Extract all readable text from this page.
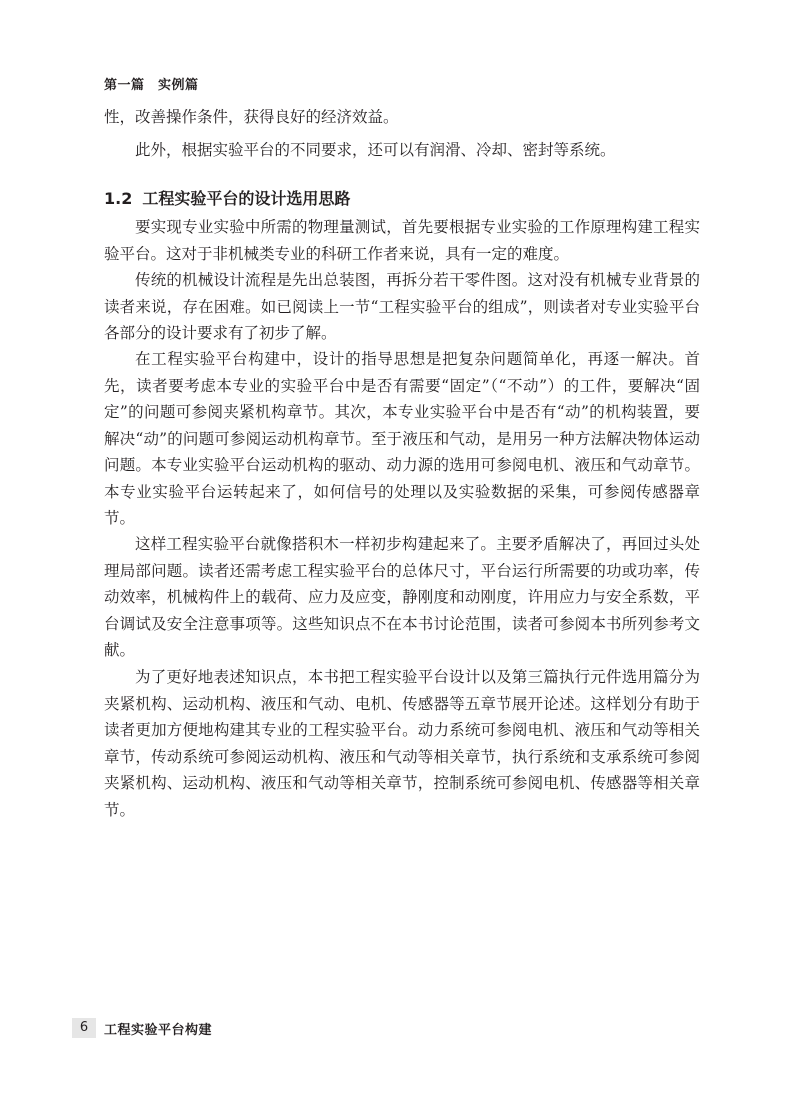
第一篇　实例篇

性，改善操作条件，获得良好的经济效益。

此外，根据实验平台的不同要求，还可以有润滑、冷却、密封等系统。

1.2 工程实验平台的设计选用思路

要实现专业实验中所需的物理量测试，首先要根据专业实验的工作原理构建工程实验平台。这对于非机械类专业的科研工作者来说，具有一定的难度。

传统的机械设计流程是先出总装图，再拆分若干零件图。这对没有机械专业背景的读者来说，存在困难。如已阅读上一节“工程实验平台的组成”，则读者对专业实验平台各部分的设计要求有了初步了解。

在工程实验平台构建中，设计的指导思想是把复杂问题简单化，再逐一解决。首先，读者要考虑本专业的实验平台中是否有需要“固定”（“不动”）的工件，要解决“固定”的问题可参阅夹紧机构章节。其次，本专业实验平台中是否有“动”的机构装置，要解决“动”的问题可参阅运动机构章节。至于液压和气动，是用另一种方法解决物体运动问题。本专业实验平台运动机构的驱动、动力源的选用可参阅电机、液压和气动章节。本专业实验平台运转起来了，如何信号的处理以及实验数据的采集，可参阅传感器章节。

这样工程实验平台就像搭积木一样初步构建起来了。主要矛盾解决了，再回过头处理局部问题。读者还需考虑工程实验平台的总体尺寸，平台运行所需要的功或功率，传动效率，机械构件上的载荷、应力及应变，静刚度和动刚度，许用应力与安全系数，平台调试及安全注意事项等。这些知识点不在本书讨论范围，读者可参阅本书所列参考文献。

为了更好地表述知识点，本书把工程实验平台设计以及第三篇执行元件选用篇分为夹紧机构、运动机构、液压和气动、电机、传感器等五章节展开论述。这样划分有助于读者更加方便地构建其专业的工程实验平台。动力系统可参阅电机、液压和气动等相关章节，传动系统可参阅运动机构、液压和气动等相关章节，执行系统和支承系统可参阅夹紧机构、运动机构、液压和气动等相关章节，控制系统可参阅电机、传感器等相关章节。

6	工程实验平台构建
